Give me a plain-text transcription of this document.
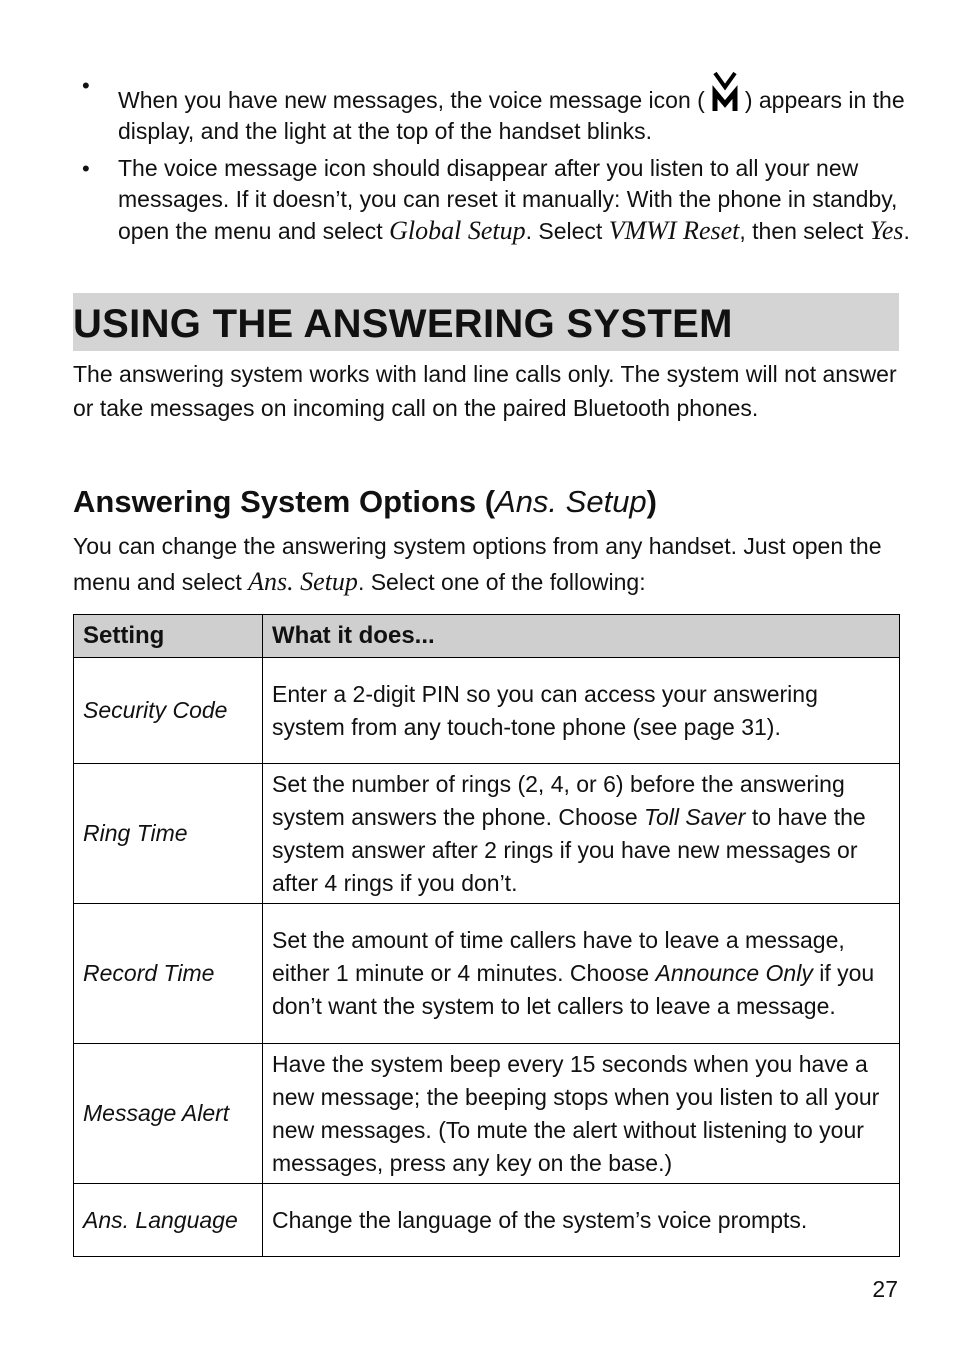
•
When you have new messages, the voice message icon ( ) appears in the display, and the light at the top of the handset blinks.
• The voice message icon should disappear after you listen to all your new messages. If it doesn’t, you can reset it manually: With the phone in standby, open the menu and select Global Setup. Select VMWI Reset, then select Yes.
USING THE ANSWERING SYSTEM

The answering system works with land line calls only. The system will not answer or take messages on incoming call on the paired Bluetooth phones.

Answering System Options (Ans. Setup)

You can change the answering system options from any handset. Just open the menu and select Ans. Setup. Select one of the following:

Setting	What it does...
Security Code	Enter a 2-digit PIN so you can access your answering system from any touch-tone phone (see page 31).
Ring Time	Set the number of rings (2, 4, or 6) before the answering system answers the phone. Choose Toll Saver to have the system answer after 2 rings if you have new messages or after 4 rings if you don’t.
Record Time	Set the amount of time callers have to leave a message, either 1 minute or 4 minutes. Choose Announce Only if you don’t want the system to let callers to leave a message.
Message Alert	Have the system beep every 15 seconds when you have a new message; the beeping stops when you listen to all your new messages. (To mute the alert without listening to your messages, press any key on the base.)
Ans. Language	Change the language of the system’s voice prompts.
27
